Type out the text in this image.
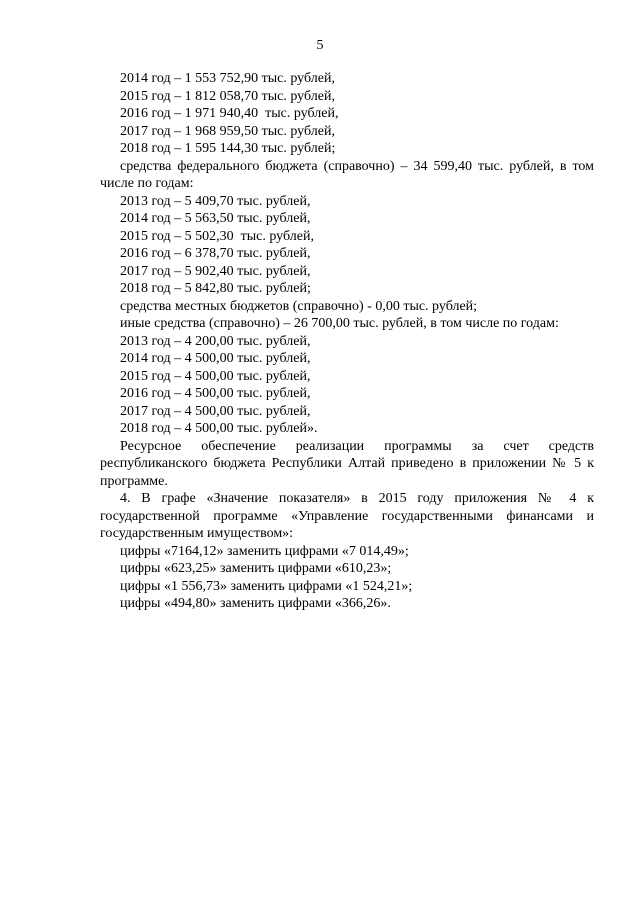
5
2014 год – 1 553 752,90 тыс. рублей,
2015 год – 1 812 058,70 тыс. рублей,
2016 год – 1 971 940,40  тыс. рублей,
2017 год – 1 968 959,50 тыс. рублей,
2018 год – 1 595 144,30 тыс. рублей;

средства федерального бюджета (справочно) – 34 599,40 тыс. рублей, в том числе по годам:

2013 год – 5 409,70 тыс. рублей,
2014 год – 5 563,50 тыс. рублей,
2015 год – 5 502,30  тыс. рублей,
2016 год – 6 378,70 тыс. рублей,
2017 год – 5 902,40 тыс. рублей,
2018 год – 5 842,80 тыс. рублей;
средства местных бюджетов (справочно) - 0,00 тыс. рублей;

иные средства (справочно) – 26 700,00 тыс. рублей, в том числе по годам:

2013 год – 4 200,00 тыс. рублей,
2014 год – 4 500,00 тыс. рублей,
2015 год – 4 500,00 тыс. рублей,
2016 год – 4 500,00 тыс. рублей,
2017 год – 4 500,00 тыс. рублей,
2018 год – 4 500,00 тыс. рублей».

Ресурсное обеспечение реализации программы за счет средств республиканского бюджета Республики Алтай приведено в приложении № 5 к программе.

4. В графе «Значение показателя» в 2015 году приложения № 4 к государственной программе «Управление государственными финансами и государственным имуществом»:

цифры «7164,12» заменить цифрами «7 014,49»;
цифры «623,25» заменить цифрами «610,23»;
цифры «1 556,73» заменить цифрами «1 524,21»;
цифры «494,80» заменить цифрами «366,26».
